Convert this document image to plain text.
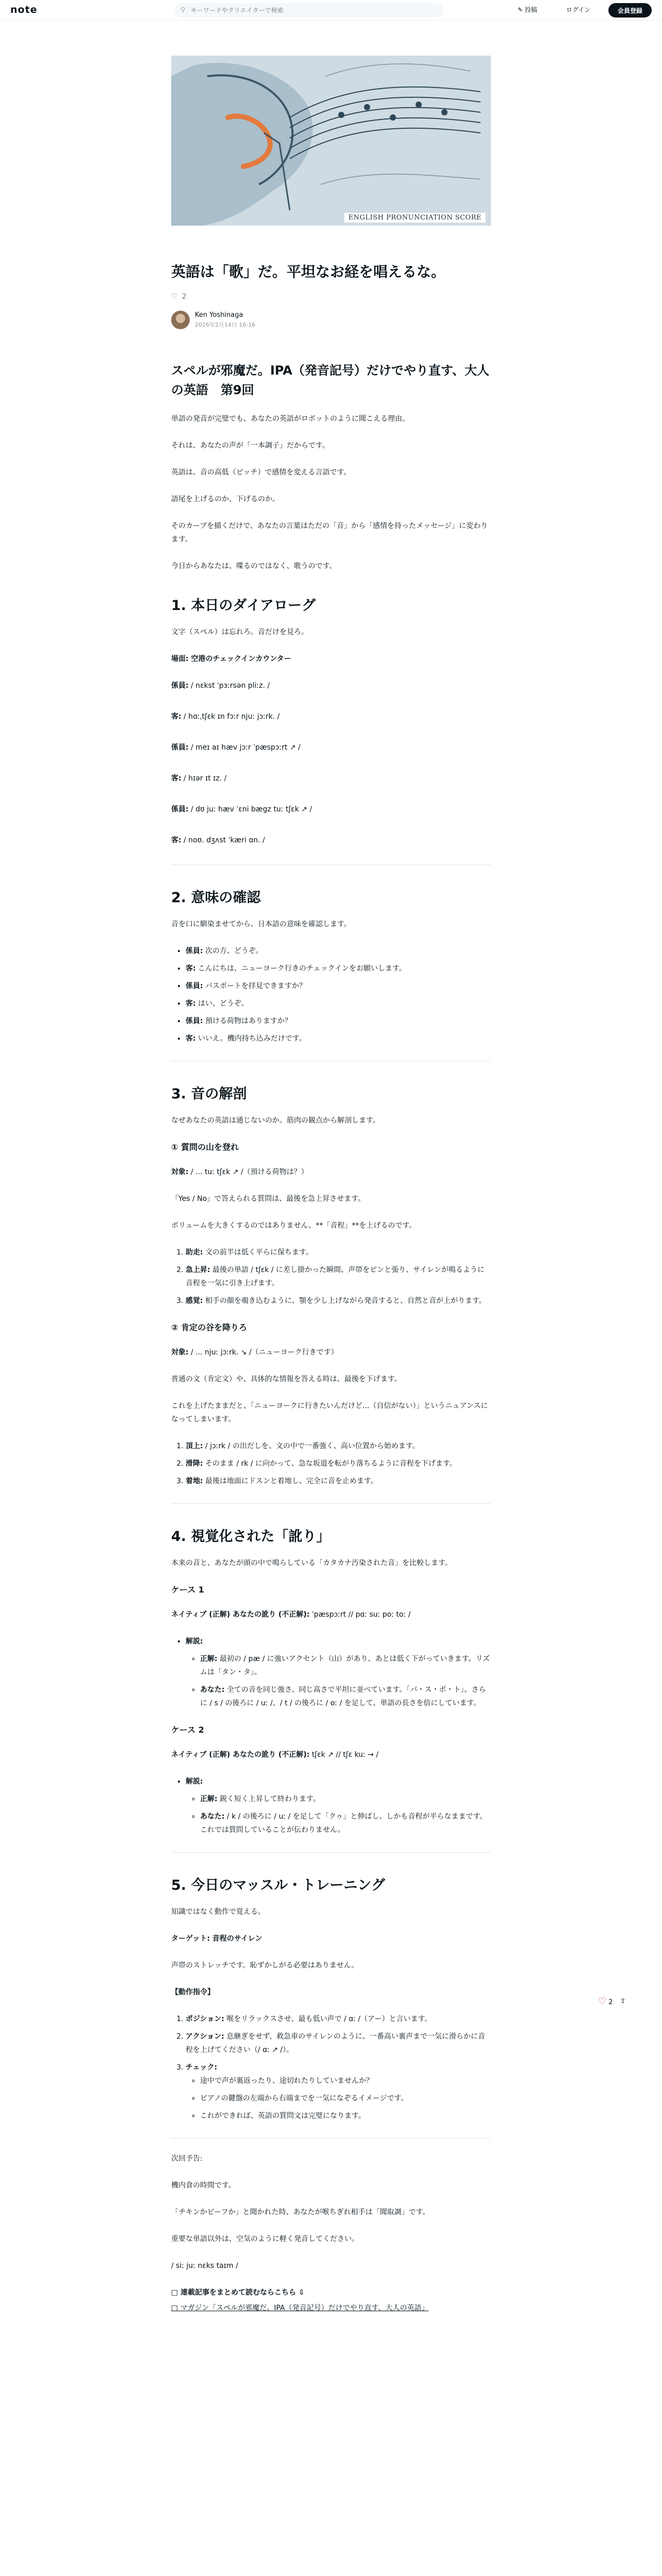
note	⚲
キーワードやクリエイターで検索	✎ 投稿	ログイン	会員登録
ENGLISH PRONUNCIATION SCORE
英語は「歌」だ。平坦なお経を唱えるな。
♡ 2
Ken Yoshinaga
2026年2月14日 16:16
スペルが邪魔だ。IPA（発音記号）だけでやり直す、大人の英語　第9回

単語の発音が完璧でも、あなたの英語がロボットのように聞こえる理由。

それは、あなたの声が「一本調子」だからです。

英語は、音の高低（ピッチ）で感情を変える言語です。

語尾を上げるのか、下げるのか。

そのカーブを描くだけで、あなたの言葉はただの「音」から「感情を持ったメッセージ」に変わります。

今日からあなたは、喋るのではなく、歌うのです。

1. 本日のダイアローグ

文字（スペル）は忘れろ。音だけを見ろ。

場面: 空港のチェックインカウンター

係員: / nɛkst ˈpɜːrsən pliːz. /

客: / hɑːˌtʃɛk ɪn fɔːr njuː jɔːrk. /

係員: / meɪ aɪ hæv jɔːr ˈpæspɔːrt ↗ /

客: / hɪər ɪt ɪz. /

係員: / dʊ juː hæv ˈɛni bægz tuː tʃɛk ↗ /

客: / noʊ. dʒʌst ˈkæri ɑn. /

2. 意味の確認

音を口に馴染ませてから、日本語の意味を確認します。

• 係員: 次の方、どうぞ。
• 客: こんにちは、ニューヨーク行きのチェックインをお願いします。
• 係員: パスポートを拝見できますか？
• 客: はい、どうぞ。
• 係員: 預ける荷物はありますか？
• 客: いいえ。機内持ち込みだけです。
3. 音の解剖

なぜあなたの英語は通じないのか。筋肉の観点から解剖します。

① 質問の山を登れ

対象: / ... tuː tʃɛk ↗ /（預ける荷物は？）

「Yes / No」で答えられる質問は、最後を急上昇させます。

ボリュームを大きくするのではありません。**「音程」**を上げるのです。

1. 助走: 文の前半は低く平らに保ちます。
2. 急上昇: 最後の単語 / tʃɛk / に差し掛かった瞬間、声帯をピンと張り、サイレンが鳴るように音程を一気に引き上げます。
3. 感覚: 相手の顔を覗き込むように、顎を少し上げながら発音すると、自然と音が上がります。
② 肯定の谷を降りろ

対象: / ... njuː jɔːrk. ↘ /（ニューヨーク行きです）

普通の文（肯定文）や、具体的な情報を答える時は、最後を下げます。

これを上げたままだと、「ニューヨークに行きたいんだけど...（自信がない）」というニュアンスになってしまいます。

1. 頂上: / jɔːrk / の出だしを、文の中で一番強く、高い位置から始めます。
2. 滑降: そのまま / rk / に向かって、急な坂道を転がり落ちるように音程を下げます。
3. 着地: 最後は地面にドスンと着地し、完全に音を止めます。
4. 視覚化された「訛り」

本来の音と、あなたが頭の中で鳴らしている「カタカナ汚染された音」を比較します。

ケース 1

ネイティブ (正解) あなたの訛り (不正解): ˈpæspɔːrt // pɑː suː poː toː /

• 解説:
◦ 正解: 最初の / pæ / に強いアクセント（山）があり、あとは低く下がっていきます。リズムは「タン・タ」。
◦ あなた: 全ての音を同じ強さ、同じ高さで平坦に並べています。「パ・ス・ポ・ト」。さらに / s / の後ろに / uː /、/ t / の後ろに / oː / を足して、単語の長さを倍にしています。
ケース 2

ネイティブ (正解) あなたの訛り (不正解): tʃɛk ↗ // tʃɛ kuː → /

• 解説:
◦ 正解: 鋭く短く上昇して終わります。
◦ あなた: / k / の後ろに / uː / を足して「クゥ」と伸ばし、しかも音程が平らなままです。これでは質問していることが伝わりません。
5. 今日のマッスル・トレーニング

知識ではなく動作で覚える。

ターゲット: 音程のサイレン

声帯のストレッチです。恥ずかしがる必要はありません。

【動作指令】

1. ポジション: 喉をリラックスさせ、最も低い声で / ɑː /（アー）と言います。
2. アクション: 息継ぎをせず、救急車のサイレンのように、一番高い裏声まで一気に滑らかに音程を上げてください（/ ɑː ↗ /）。
3. チェック:
◦ 途中で声が裏返ったり、途切れたりしていませんか？
◦ ピアノの鍵盤の左端から右端までを一気になぞるイメージです。
◦ これができれば、英語の質問文は完璧になります。

次回予告:

機内食の時間です。

「チキンかビーフか」と聞かれた時、あなたが喉ちぎれ相手は「聞取調」です。

重要な単語以外は、空気のように軽く発音してください。

/ siː juː nɛks taɪm /

□ 連載記事をまとめて読むならこちら ⇩

□ マガジン「スペルが邪魔だ。IPA（発音記号）だけでやり直す、大人の英語」

♡ 2 ⇪
